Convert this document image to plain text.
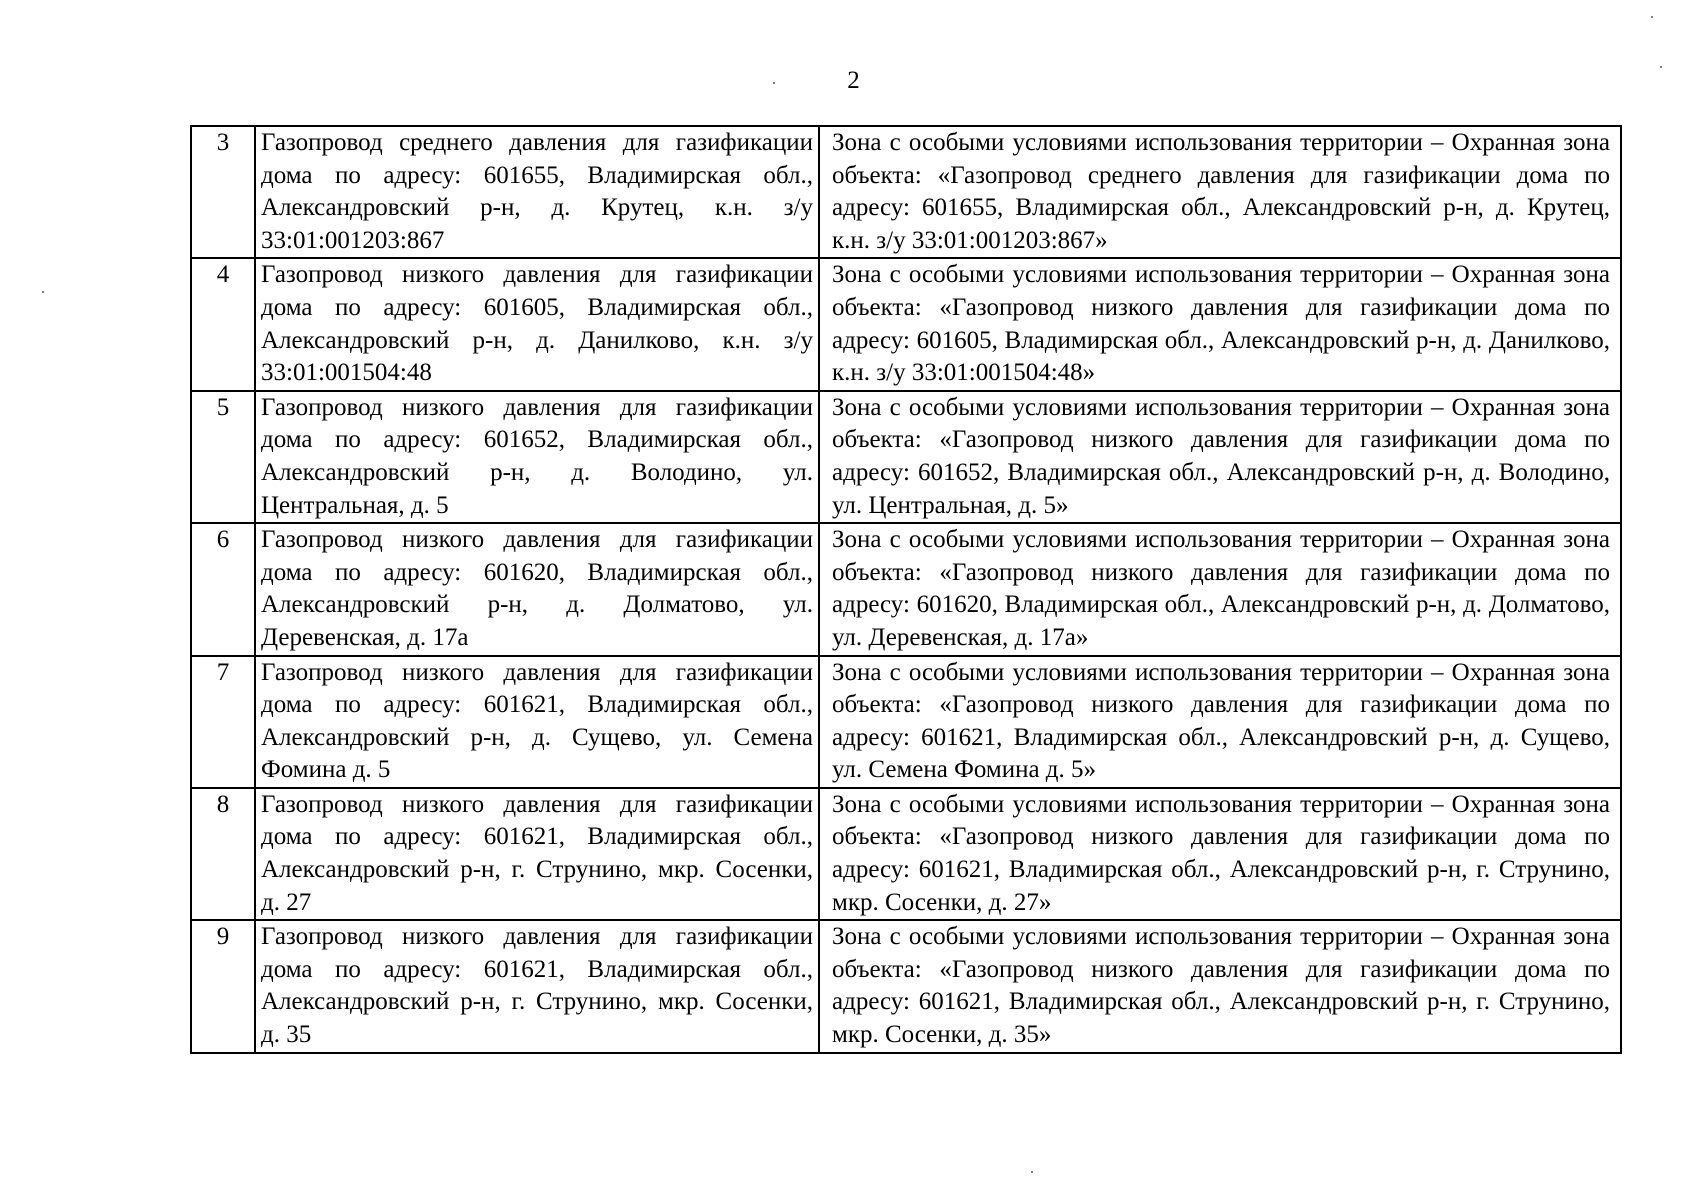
2
3	Газопровод среднего давления для газификации дома по адресу: 601655, Владимирская обл., Александровский р-н, д. Крутец, к.н. з/у 33:01:001203:867	Зона с особыми условиями использования территории – Охранная зона объекта: «Газопровод среднего давления для газификации дома по адресу: 601655, Владимирская обл., Александровский р-н, д. Крутец, к.н. з/у 33:01:001203:867»
4	Газопровод низкого давления для газификации дома по адресу: 601605, Владимирская обл., Александровский р-н, д. Данилково, к.н. з/у 33:01:001504:48	Зона с особыми условиями использования территории – Охранная зона объекта: «Газопровод низкого давления для газификации дома по адресу: 601605, Владимирская обл., Александровский р-н, д. Данилково, к.н. з/у 33:01:001504:48»
5	Газопровод низкого давления для газификации дома по адресу: 601652, Владимирская обл., Александровский р-н, д. Володино, ул. Центральная, д. 5	Зона с особыми условиями использования территории – Охранная зона объекта: «Газопровод низкого давления для газификации дома по адресу: 601652, Владимирская обл., Александровский р-н, д. Володино, ул. Центральная, д. 5»
6	Газопровод низкого давления для газификации дома по адресу: 601620, Владимирская обл., Александровский р-н, д. Долматово, ул. Деревенская, д. 17а	Зона с особыми условиями использования территории – Охранная зона объекта: «Газопровод низкого давления для газификации дома по адресу: 601620, Владимирская обл., Александровский р-н, д. Долматово, ул. Деревенская, д. 17а»
7	Газопровод низкого давления для газификации дома по адресу: 601621, Владимирская обл., Александровский р-н, д. Сущево, ул. Семена Фомина д. 5	Зона с особыми условиями использования территории – Охранная зона объекта: «Газопровод низкого давления для газификации дома по адресу: 601621, Владимирская обл., Александровский р-н, д. Сущево, ул. Семена Фомина д. 5»
8	Газопровод низкого давления для газификации дома по адресу: 601621, Владимирская обл., Александровский р-н, г. Струнино, мкр. Сосенки, д. 27	Зона с особыми условиями использования территории – Охранная зона объекта: «Газопровод низкого давления для газификации дома по адресу: 601621, Владимирская обл., Александровский р-н, г. Струнино, мкр. Сосенки, д. 27»
9	Газопровод низкого давления для газификации дома по адресу: 601621, Владимирская обл., Александровский р-н, г. Струнино, мкр. Сосенки, д. 35	Зона с особыми условиями использования территории – Охранная зона объекта: «Газопровод низкого давления для газификации дома по адресу: 601621, Владимирская обл., Александровский р-н, г. Струнино, мкр. Сосенки, д. 35»
